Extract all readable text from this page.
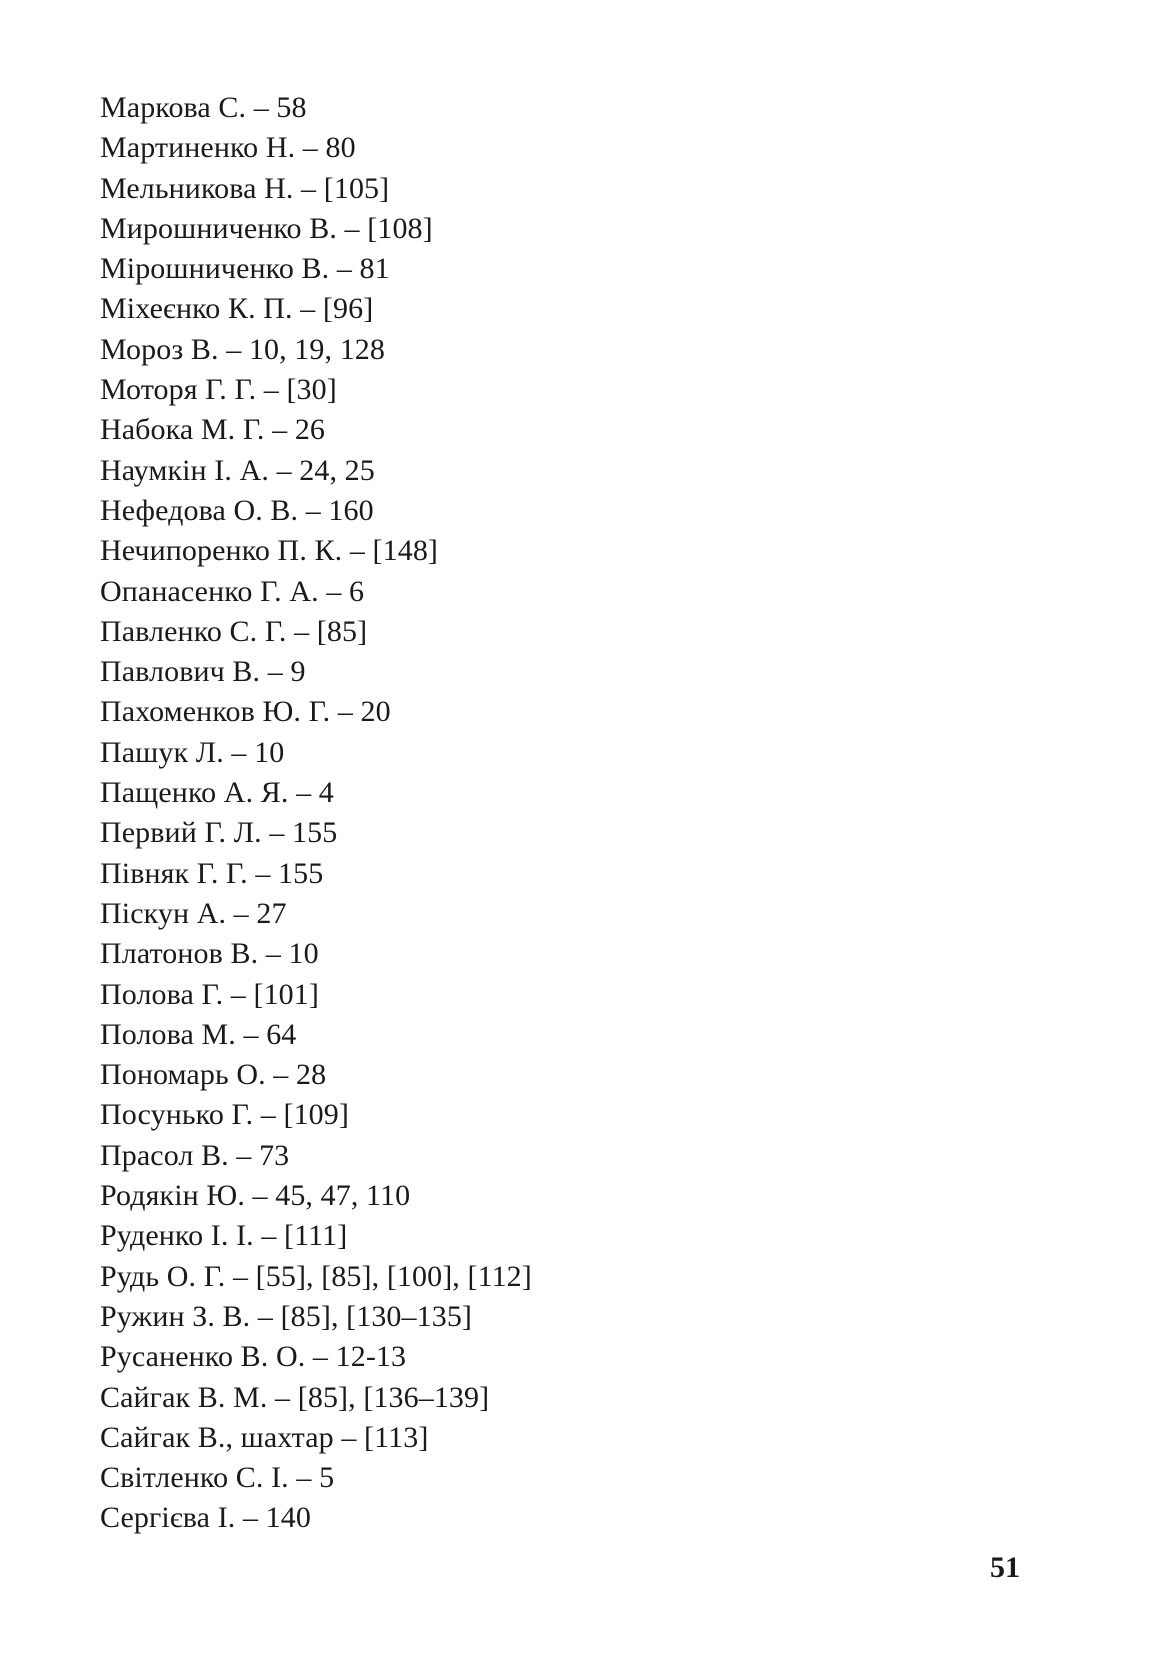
Маркова С. – 58
Мартиненко Н. – 80
Мельникова Н. – [105]
Мирошниченко В. – [108]
Мірошниченко В. – 81
Міхеєнко К. П. – [96]
Мороз В. – 10, 19, 128
Моторя Г. Г. – [30]
Набока М. Г. – 26
Наумкін І. А. – 24, 25
Нефедова О. В. – 160
Нечипоренко П. К. – [148]
Опанасенко Г. А. – 6
Павленко С. Г. – [85]
Павлович В. – 9
Пахоменков Ю. Г. – 20
Пашук Л. – 10
Пащенко А. Я. – 4
Первий Г. Л. – 155
Півняк Г. Г. – 155
Піскун А. – 27
Платонов В. – 10
Полова Г. – [101]
Полова М. – 64
Пономарь О. – 28
Посунько Г. – [109]
Прасол В. – 73
Родякін Ю. – 45, 47, 110
Руденко І. І. – [111]
Рудь О. Г. – [55], [85], [100], [112]
Ружин З. В. – [85], [130–135]
Русаненко В. О. – 12-13
Сайгак В. М. – [85], [136–139]
Сайгак В., шахтар – [113]
Світленко С. І. – 5
Сергієва І. – 140
51
